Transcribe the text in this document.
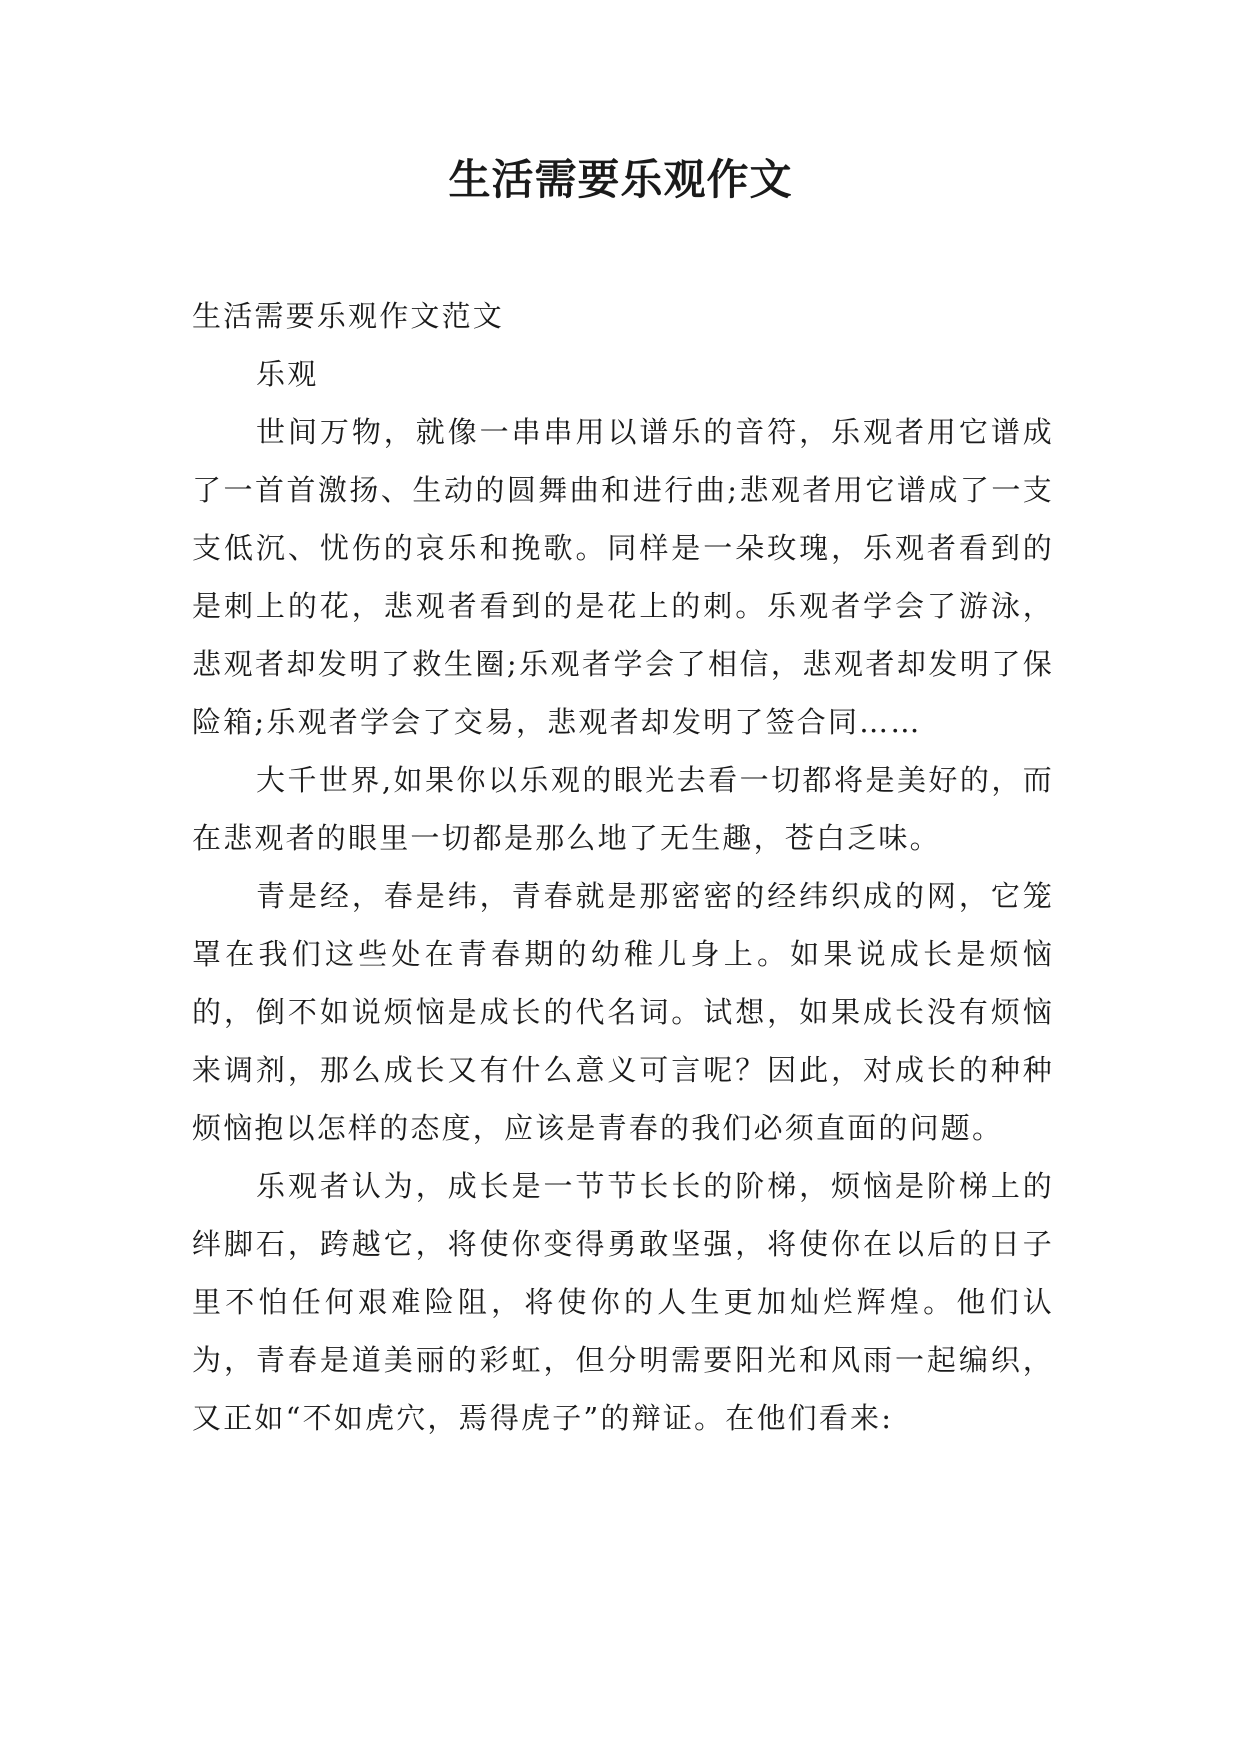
生活需要乐观作文

生活需要乐观作文范文

乐观

世间万物，就像一串串用以谱乐的音符，乐观者用它谱成了一首首激扬、生动的圆舞曲和进行曲;悲观者用它谱成了一支支低沉、忧伤的哀乐和挽歌。同样是一朵玫瑰，乐观者看到的是刺上的花，悲观者看到的是花上的刺。乐观者学会了游泳，悲观者却发明了救生圈;乐观者学会了相信，悲观者却发明了保险箱;乐观者学会了交易，悲观者却发明了签合同……

大千世界,如果你以乐观的眼光去看一切都将是美好的，而在悲观者的眼里一切都是那么地了无生趣，苍白乏味。

青是经，春是纬，青春就是那密密的经纬织成的网，它笼罩在我们这些处在青春期的幼稚儿身上。如果说成长是烦恼的，倒不如说烦恼是成长的代名词。试想，如果成长没有烦恼来调剂，那么成长又有什么意义可言呢？因此，对成长的种种烦恼抱以怎样的态度，应该是青春的我们必须直面的问题。

乐观者认为，成长是一节节长长的阶梯，烦恼是阶梯上的绊脚石，跨越它，将使你变得勇敢坚强，将使你在以后的日子里不怕任何艰难险阻，将使你的人生更加灿烂辉煌。他们认为，青春是道美丽的彩虹，但分明需要阳光和风雨一起编织，又正如“不如虎穴，焉得虎子”的辩证。在他们看来:
